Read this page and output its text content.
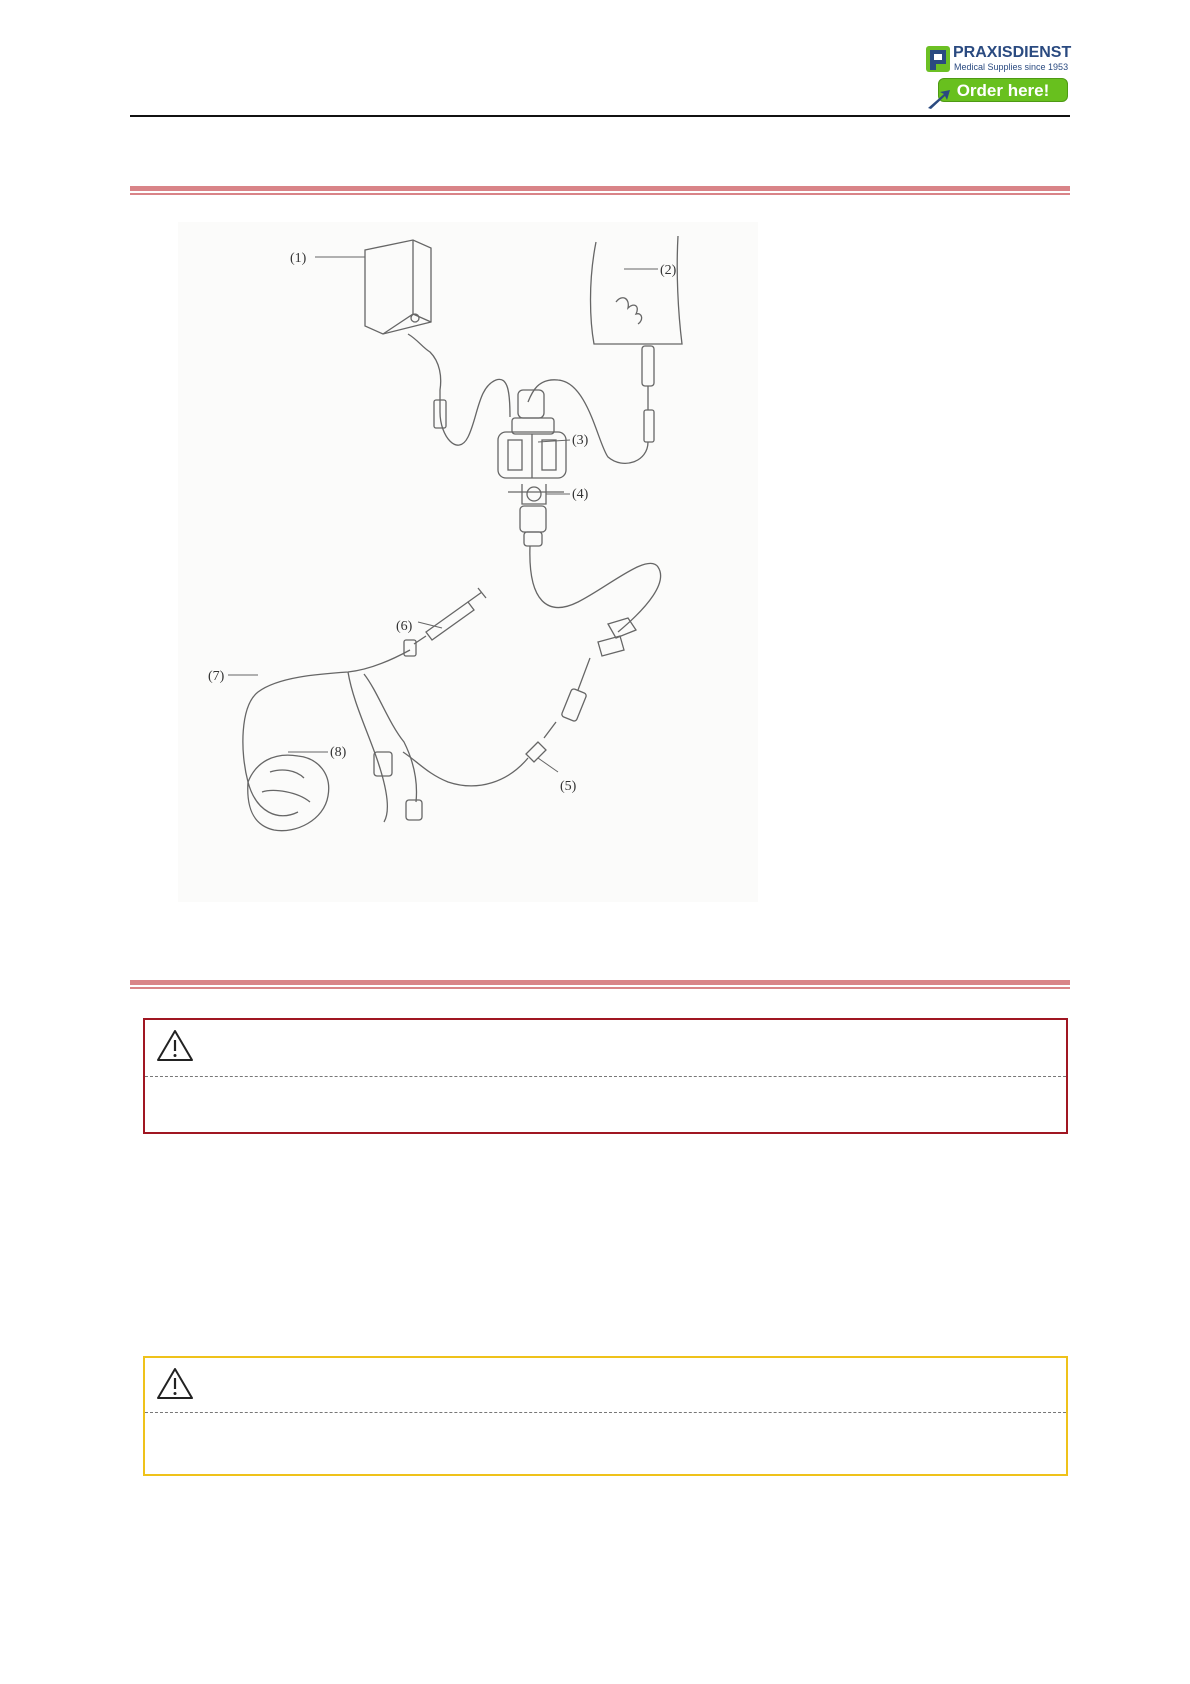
PRAXISDIENST
Medical Supplies since 1953
Order here!
(1)
(2)
(3)
(4)
(5)
(6)
(7)
(8)
